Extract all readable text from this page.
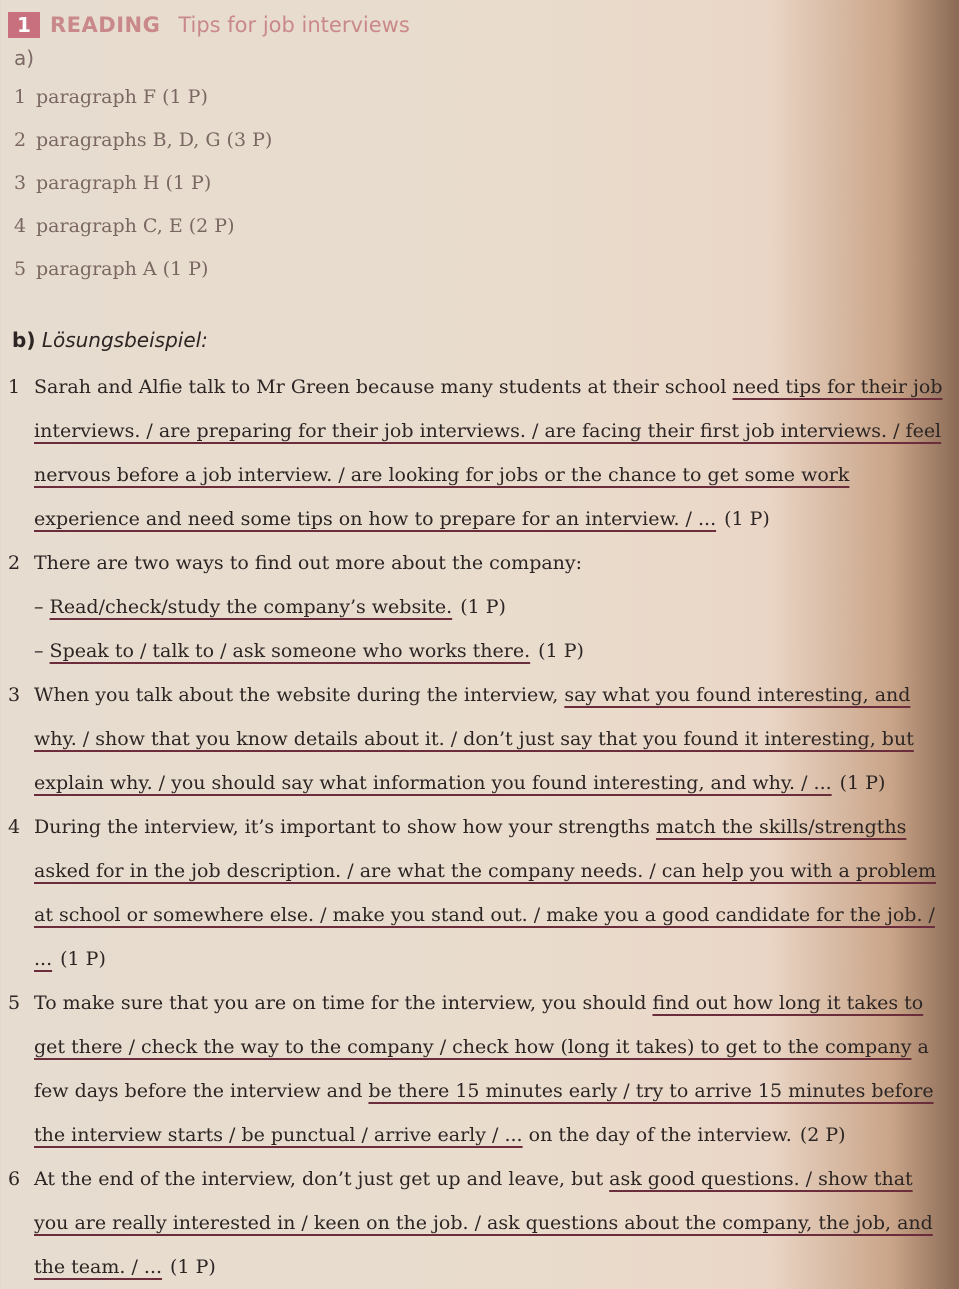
1 READING Tips for job interviews
a)
1 paragraph F (1 P)
2 paragraphs B, D, G (3 P)
3 paragraph H (1 P)
4 paragraph C, E (2 P)
5 paragraph A (1 P)
b) Lösungsbeispiel:
1 Sarah and Alfie talk to Mr Green because many students at their school need tips for their job interviews. / are preparing for their job interviews. / are facing their first job interviews. / feel nervous before a job interview. / are looking for jobs or the chance to get some work experience and need some tips on how to prepare for an interview. / ... (1 P)
2 There are two ways to find out more about the company:
– Read/check/study the company’s website. (1 P)
– Speak to / talk to / ask someone who works there. (1 P)
3 When you talk about the website during the interview, say what you found interesting, and why. / show that you know details about it. / don’t just say that you found it interesting, but explain why. / you should say what information you found interesting, and why. / ... (1 P)
4 During the interview, it’s important to show how your strengths match the skills/strengths asked for in the job description. / are what the company needs. / can help you with a problem at school or somewhere else. / make you stand out. / make you a good candidate for the job. / ... (1 P)
5 To make sure that you are on time for the interview, you should find out how long it takes to get there / check the way to the company / check how (long it takes) to get to the company a few days before the interview and be there 15 minutes early / try to arrive 15 minutes before the interview starts / be punctual / arrive early / ... on the day of the interview. (2 P)
6 At the end of the interview, don’t just get up and leave, but ask good questions. / show that you are really interested in / keen on the job. / ask questions about the company, the job, and the team. / ... (1 P)
